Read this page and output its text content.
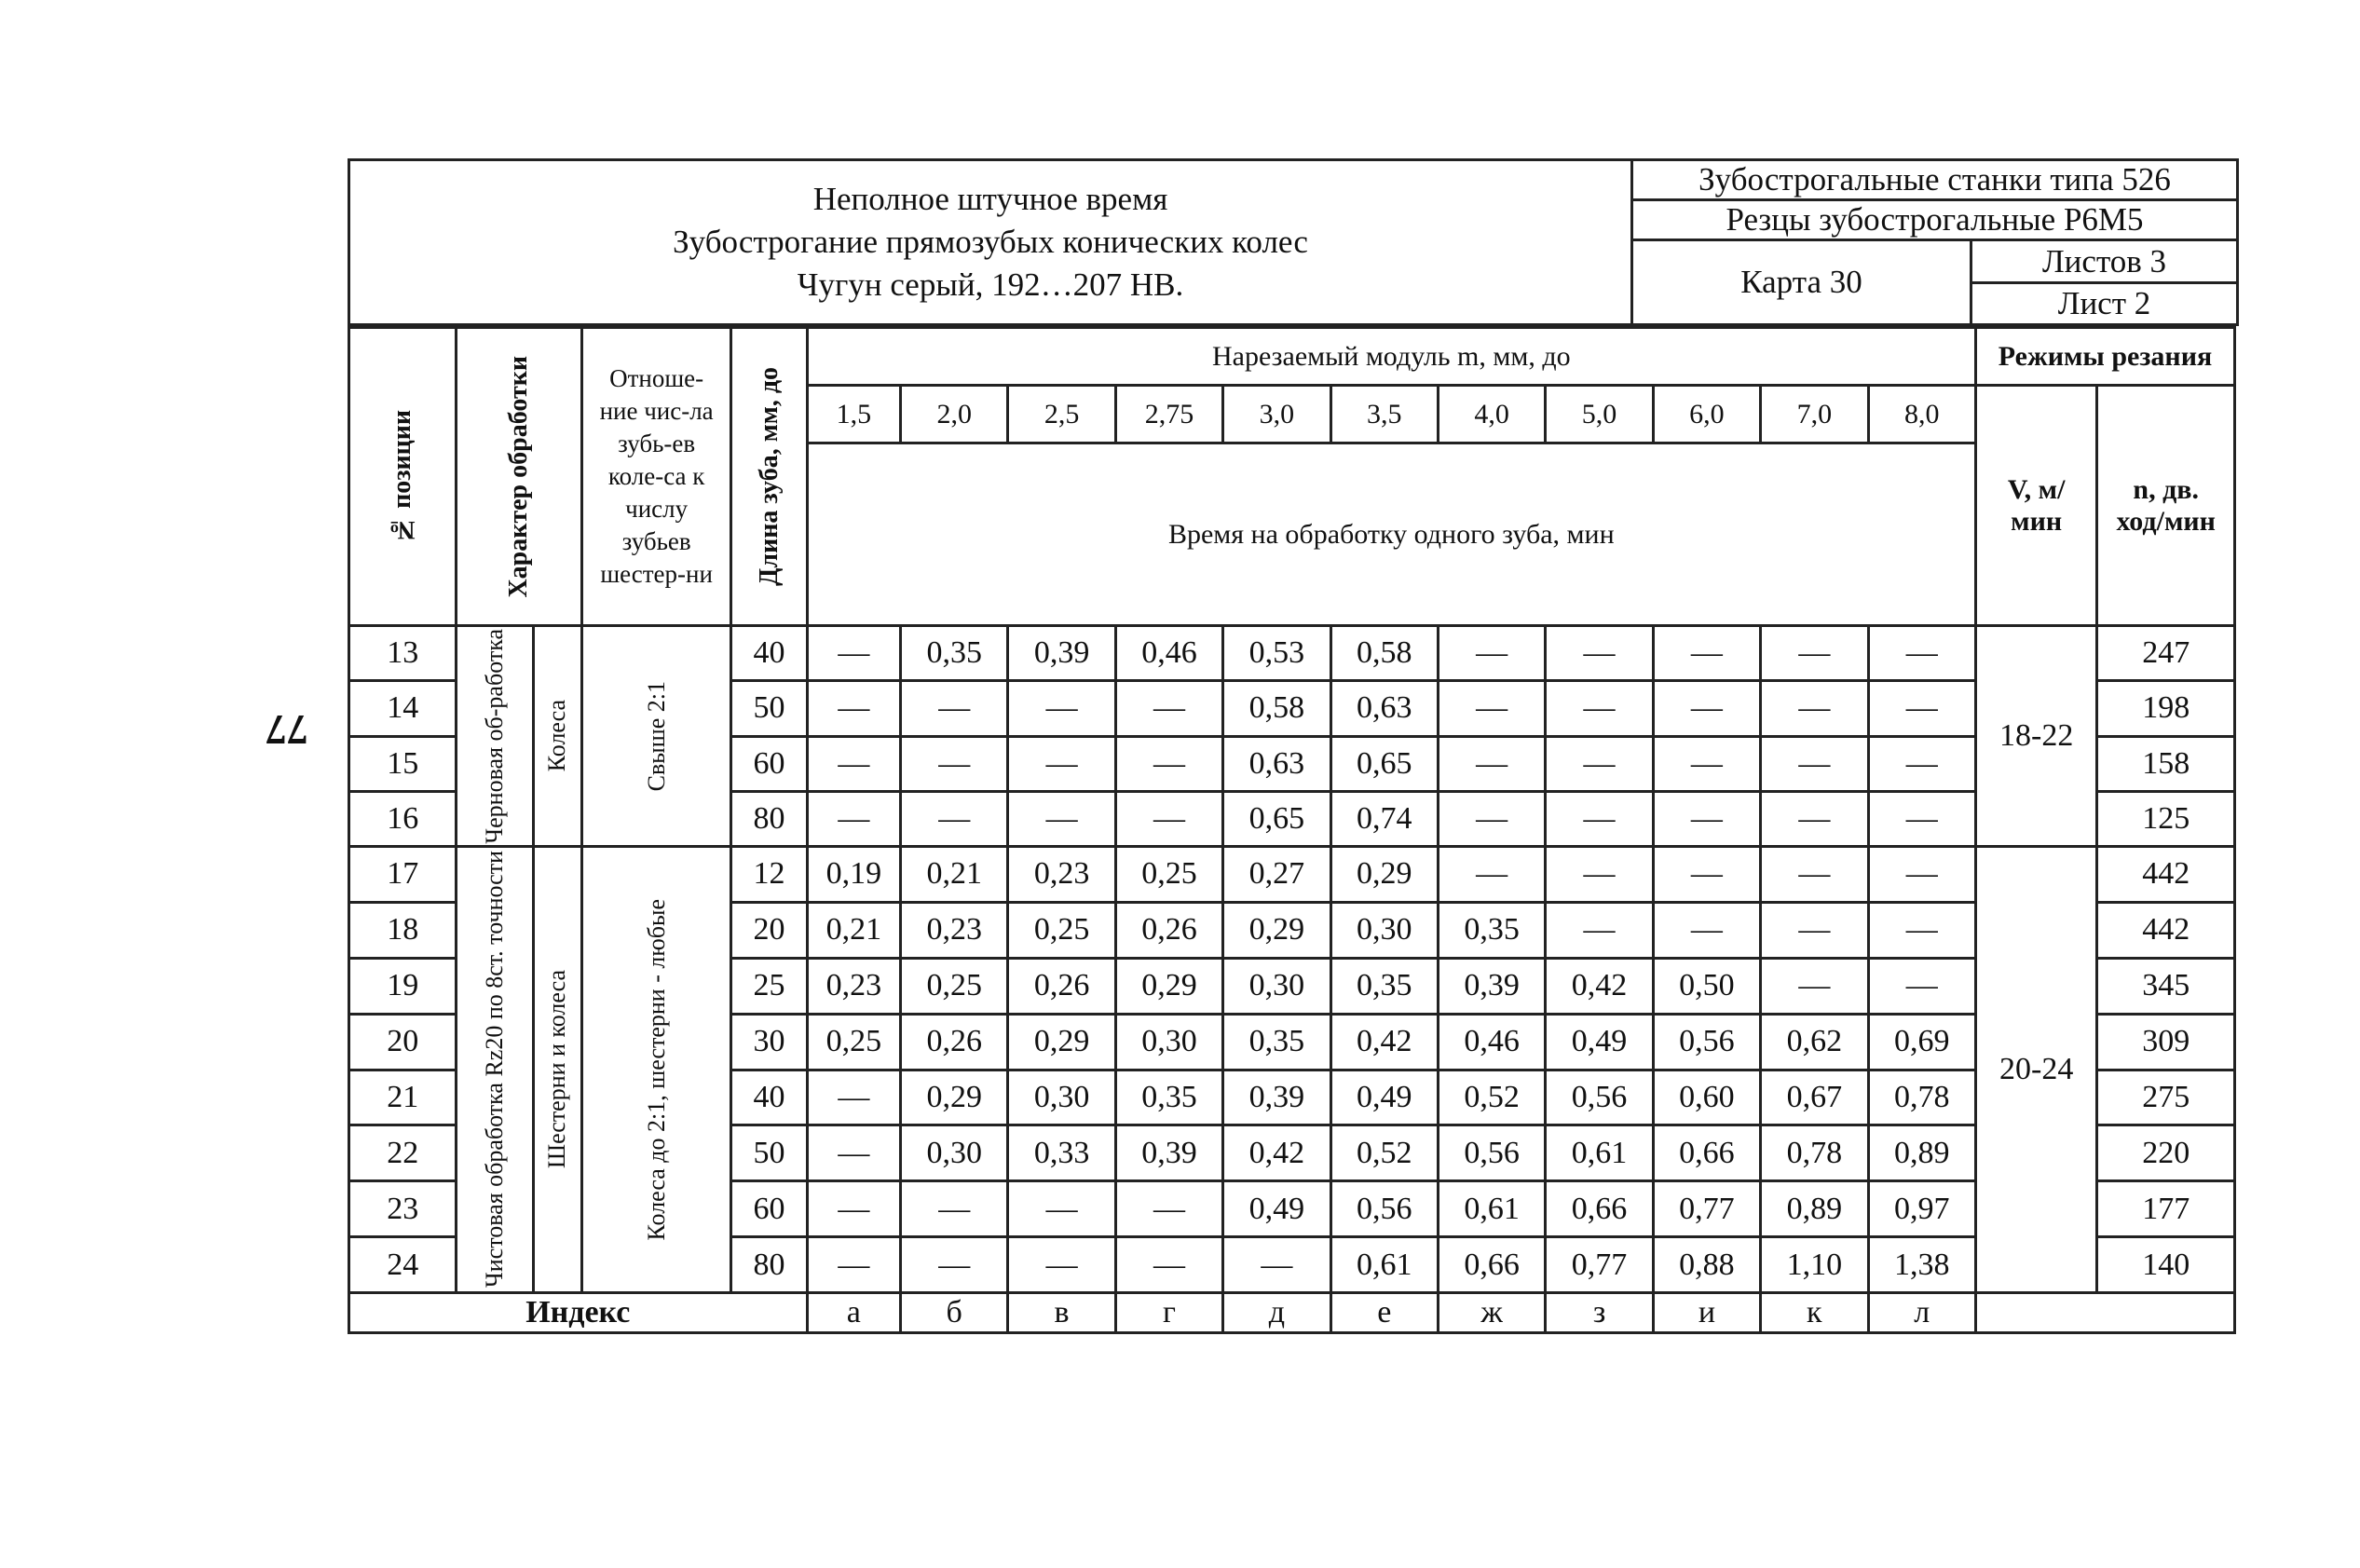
77
Неполное штучное время
Зубострогание прямозубых конических колес
Чугун серый, 192…207 НВ.	Зубострогальные станки типа 526	
	Резцы зубострогальные Р6М5	
	Карта 30	Листов 3
		Лист 2
№ позиции	Характер обработки		Отноше-ние чис-ла зубь-ев коле-са к числу зубьев шестер-ни	Длина зуба, мм, до	Нарезаемый модуль m, мм, до											Режимы резания	
					1,5	2,0	2,5	2,75	3,0	3,5	4,0	5,0	6,0	7,0	8,0	V, м/мин	n, дв. ход/мин
					Время на обработку одного зуба, мин												
13	Черновая об-работка	Колеса	Свыше 2:1	40	—	0,35	0,39	0,46	0,53	0,58	—	—	—	—	—	18-22	247
14				50	—	—	—	—	0,58	0,63	—	—	—	—	—		198
15				60	—	—	—	—	0,63	0,65	—	—	—	—	—		158
16				80	—	—	—	—	0,65	0,74	—	—	—	—	—		125
17	Чистовая обработка Rz20 по 8ст. точности	Шестерни и колеса	Колеса до 2:1, шестерни - любые	12	0,19	0,21	0,23	0,25	0,27	0,29	—	—	—	—	—	20-24	442
18				20	0,21	0,23	0,25	0,26	0,29	0,30	0,35	—	—	—	—		442
19				25	0,23	0,25	0,26	0,29	0,30	0,35	0,39	0,42	0,50	—	—		345
20				30	0,25	0,26	0,29	0,30	0,35	0,42	0,46	0,49	0,56	0,62	0,69		309
21				40	—	0,29	0,30	0,35	0,39	0,49	0,52	0,56	0,60	0,67	0,78		275
22				50	—	0,30	0,33	0,39	0,42	0,52	0,56	0,61	0,66	0,78	0,89		220
23				60	—	—	—	—	0,49	0,56	0,61	0,66	0,77	0,89	0,97		177
24				80	—	—	—	—	—	0,61	0,66	0,77	0,88	1,10	1,38		140
Индекс					а	б	в	г	д	е	ж	з	и	к	л		
